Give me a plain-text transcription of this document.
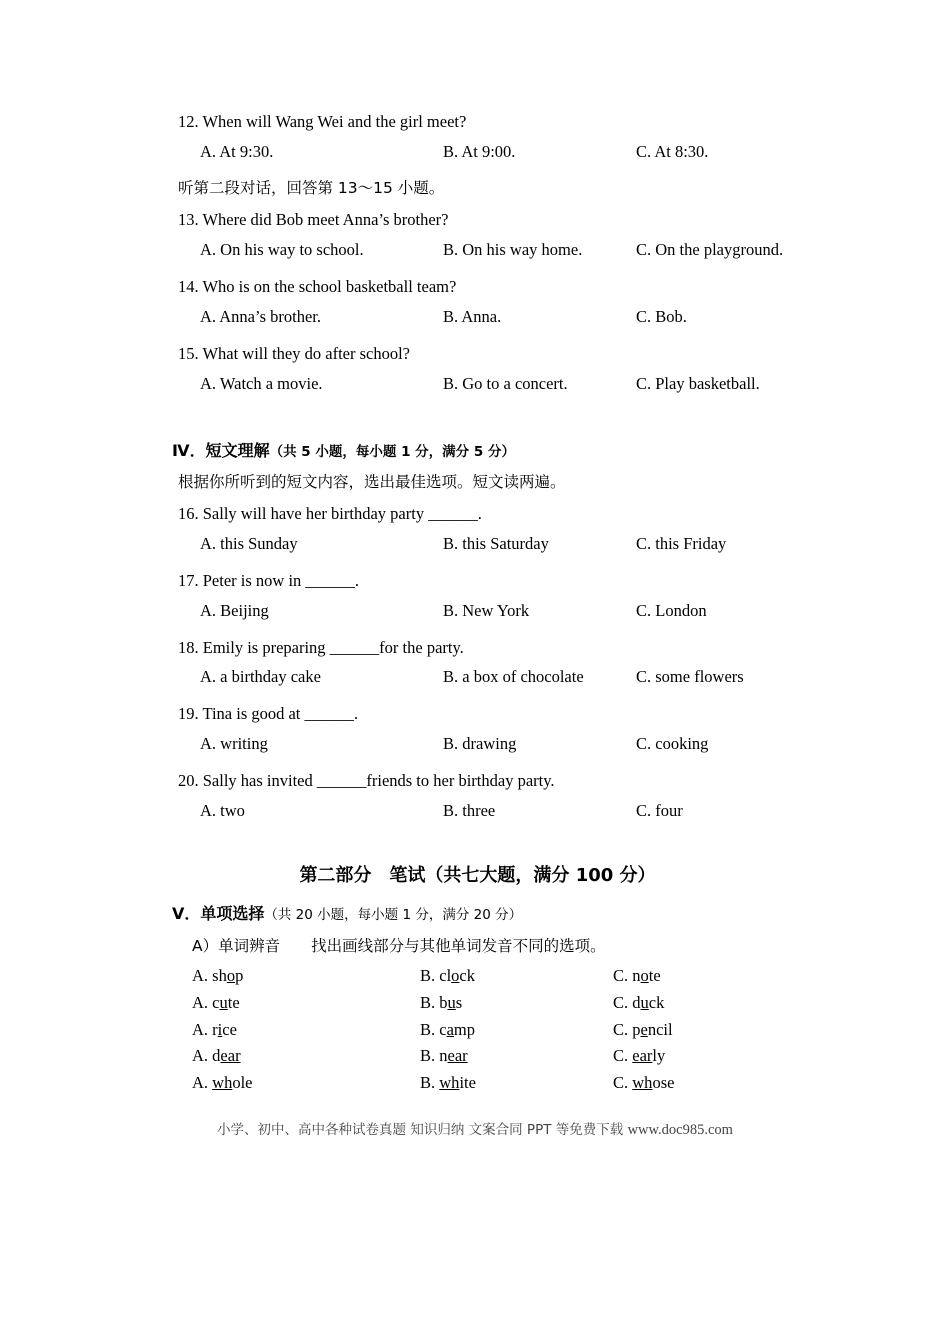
12. When will Wang Wei and the girl meet?

A. At 9:30.	B. At 9:00.	C. At 8:30.

听第二段对话，回答第 13～15 小题。

13. Where did Bob meet Anna’s brother?

A. On his way to school.	B. On his way home.	C. On the playground.

14. Who is on the school basketball team?

A. Anna’s brother.	B. Anna.	C. Bob.

15. What will they do after school?

A. Watch a movie.	B. Go to a concert.	C. Play basketball.
Ⅳ．短文理解（共 5 小题，每小题 1 分，满分 5 分）

根据你所听到的短文内容，选出最佳选项。短文读两遍。

16. Sally will have her birthday party ______.

A. this Sunday	B. this Saturday	C. this Friday

17. Peter is now in ______.

A. Beijing	B. New York	C. London

18. Emily is preparing ______for the party.

A. a birthday cake	B. a box of chocolate	C. some flowers

19. Tina is good at ______.

A. writing	B. drawing	C. cooking

20. Sally has invited ______friends to her birthday party.

A. two	B. three	C. four
第二部分　笔试（共七大题，满分 100 分）
Ⅴ．单项选择（共 20 小题，每小题 1 分，满分 20 分）

A）单词辨音　　找出画线部分与其他单词发音不同的选项。

A. shop	B. clock	C. note
A. cute	B. bus	C. duck
A. rice	B. camp	C. pencil
A. dear	B. near	C. early
A. whole	B. white	C. whose
小学、初中、高中各种试卷真题 知识归纳 文案合同 PPT 等免费下载 www.doc985.com
